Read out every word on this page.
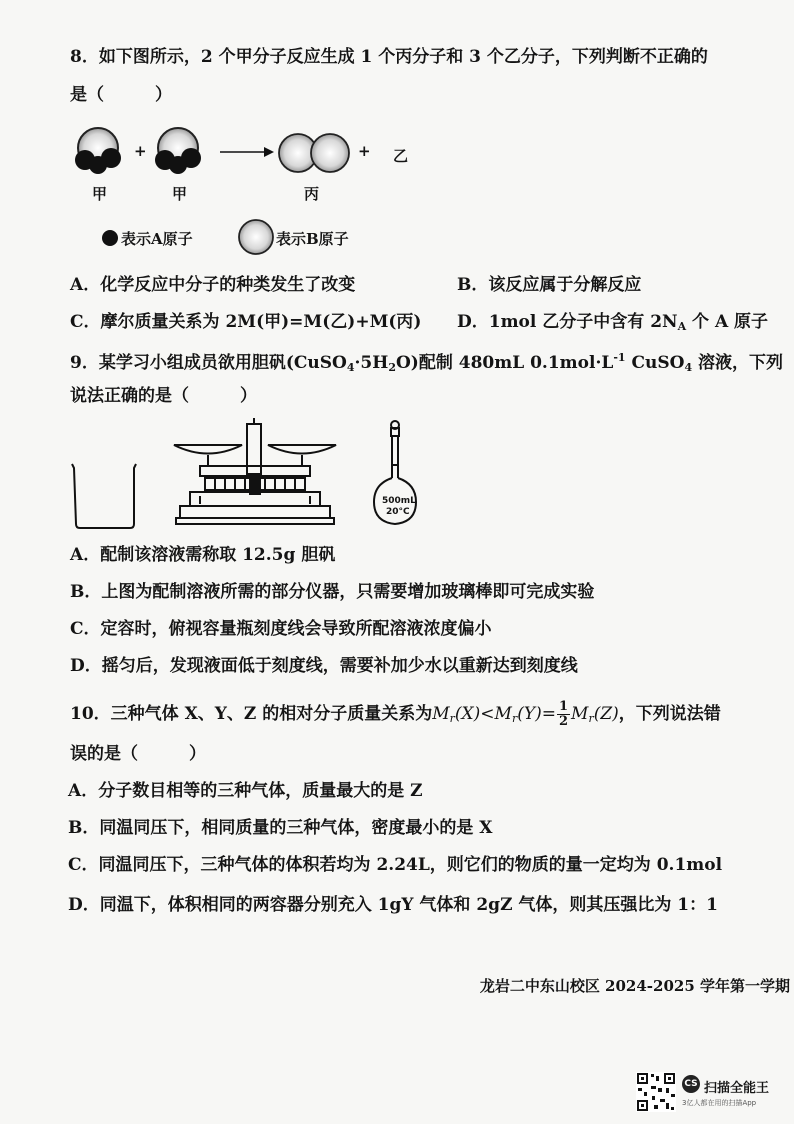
8．如下图所示，2 个甲分子反应生成 1 个丙分子和 3 个乙分子，下列判断不正确的
是（　　　）
+	+
甲	甲	丙
乙
表示A原子	表示B原子
A．化学反应中分子的种类发生了改变	B．该反应属于分解反应
C．摩尔质量关系为 2M(甲)=M(乙)+M(丙) D．1mol 乙分子中含有 $2N_A$ 个 A 原子
9．某学习小组成员欲用胆矾$(CuSO_4\cdot 5H_2O)$配制 480mL $0.1mol\cdot L^{-1}$ CuSO$_4$ 溶液，下列
说法正确的是（　　　）
500mL
20°C
A．配制该溶液需称取 12.5g 胆矾
B．上图为配制溶液所需的部分仪器，只需要增加玻璃棒即可完成实验
C．定容时，俯视容量瓶刻度线会导致所配溶液浓度偏小
D．摇匀后，发现液面低于刻度线，需要补加少水以重新达到刻度线
10．三种气体 X、Y、Z 的相对分子质量关系为$M_r(X)<M_r(Y)= \frac{1}{2} M_r(Z)$，下列说法错
误的是（　　　）
A．分子数目相等的三种气体，质量最大的是 Z
B．同温同压下，相同质量的三种气体，密度最小的是 X
C．同温同压下，三种气体的体积若均为 2.24L，则它们的物质的量一定均为 0.1mol
D．同温下，体积相同的两容器分别充入 1gY 气体和 2gZ 气体，则其压强比为 1：1
龙岩二中东山校区 2024-2025 学年第一学期
CS 扫描全能王
3亿人都在用的扫描App
